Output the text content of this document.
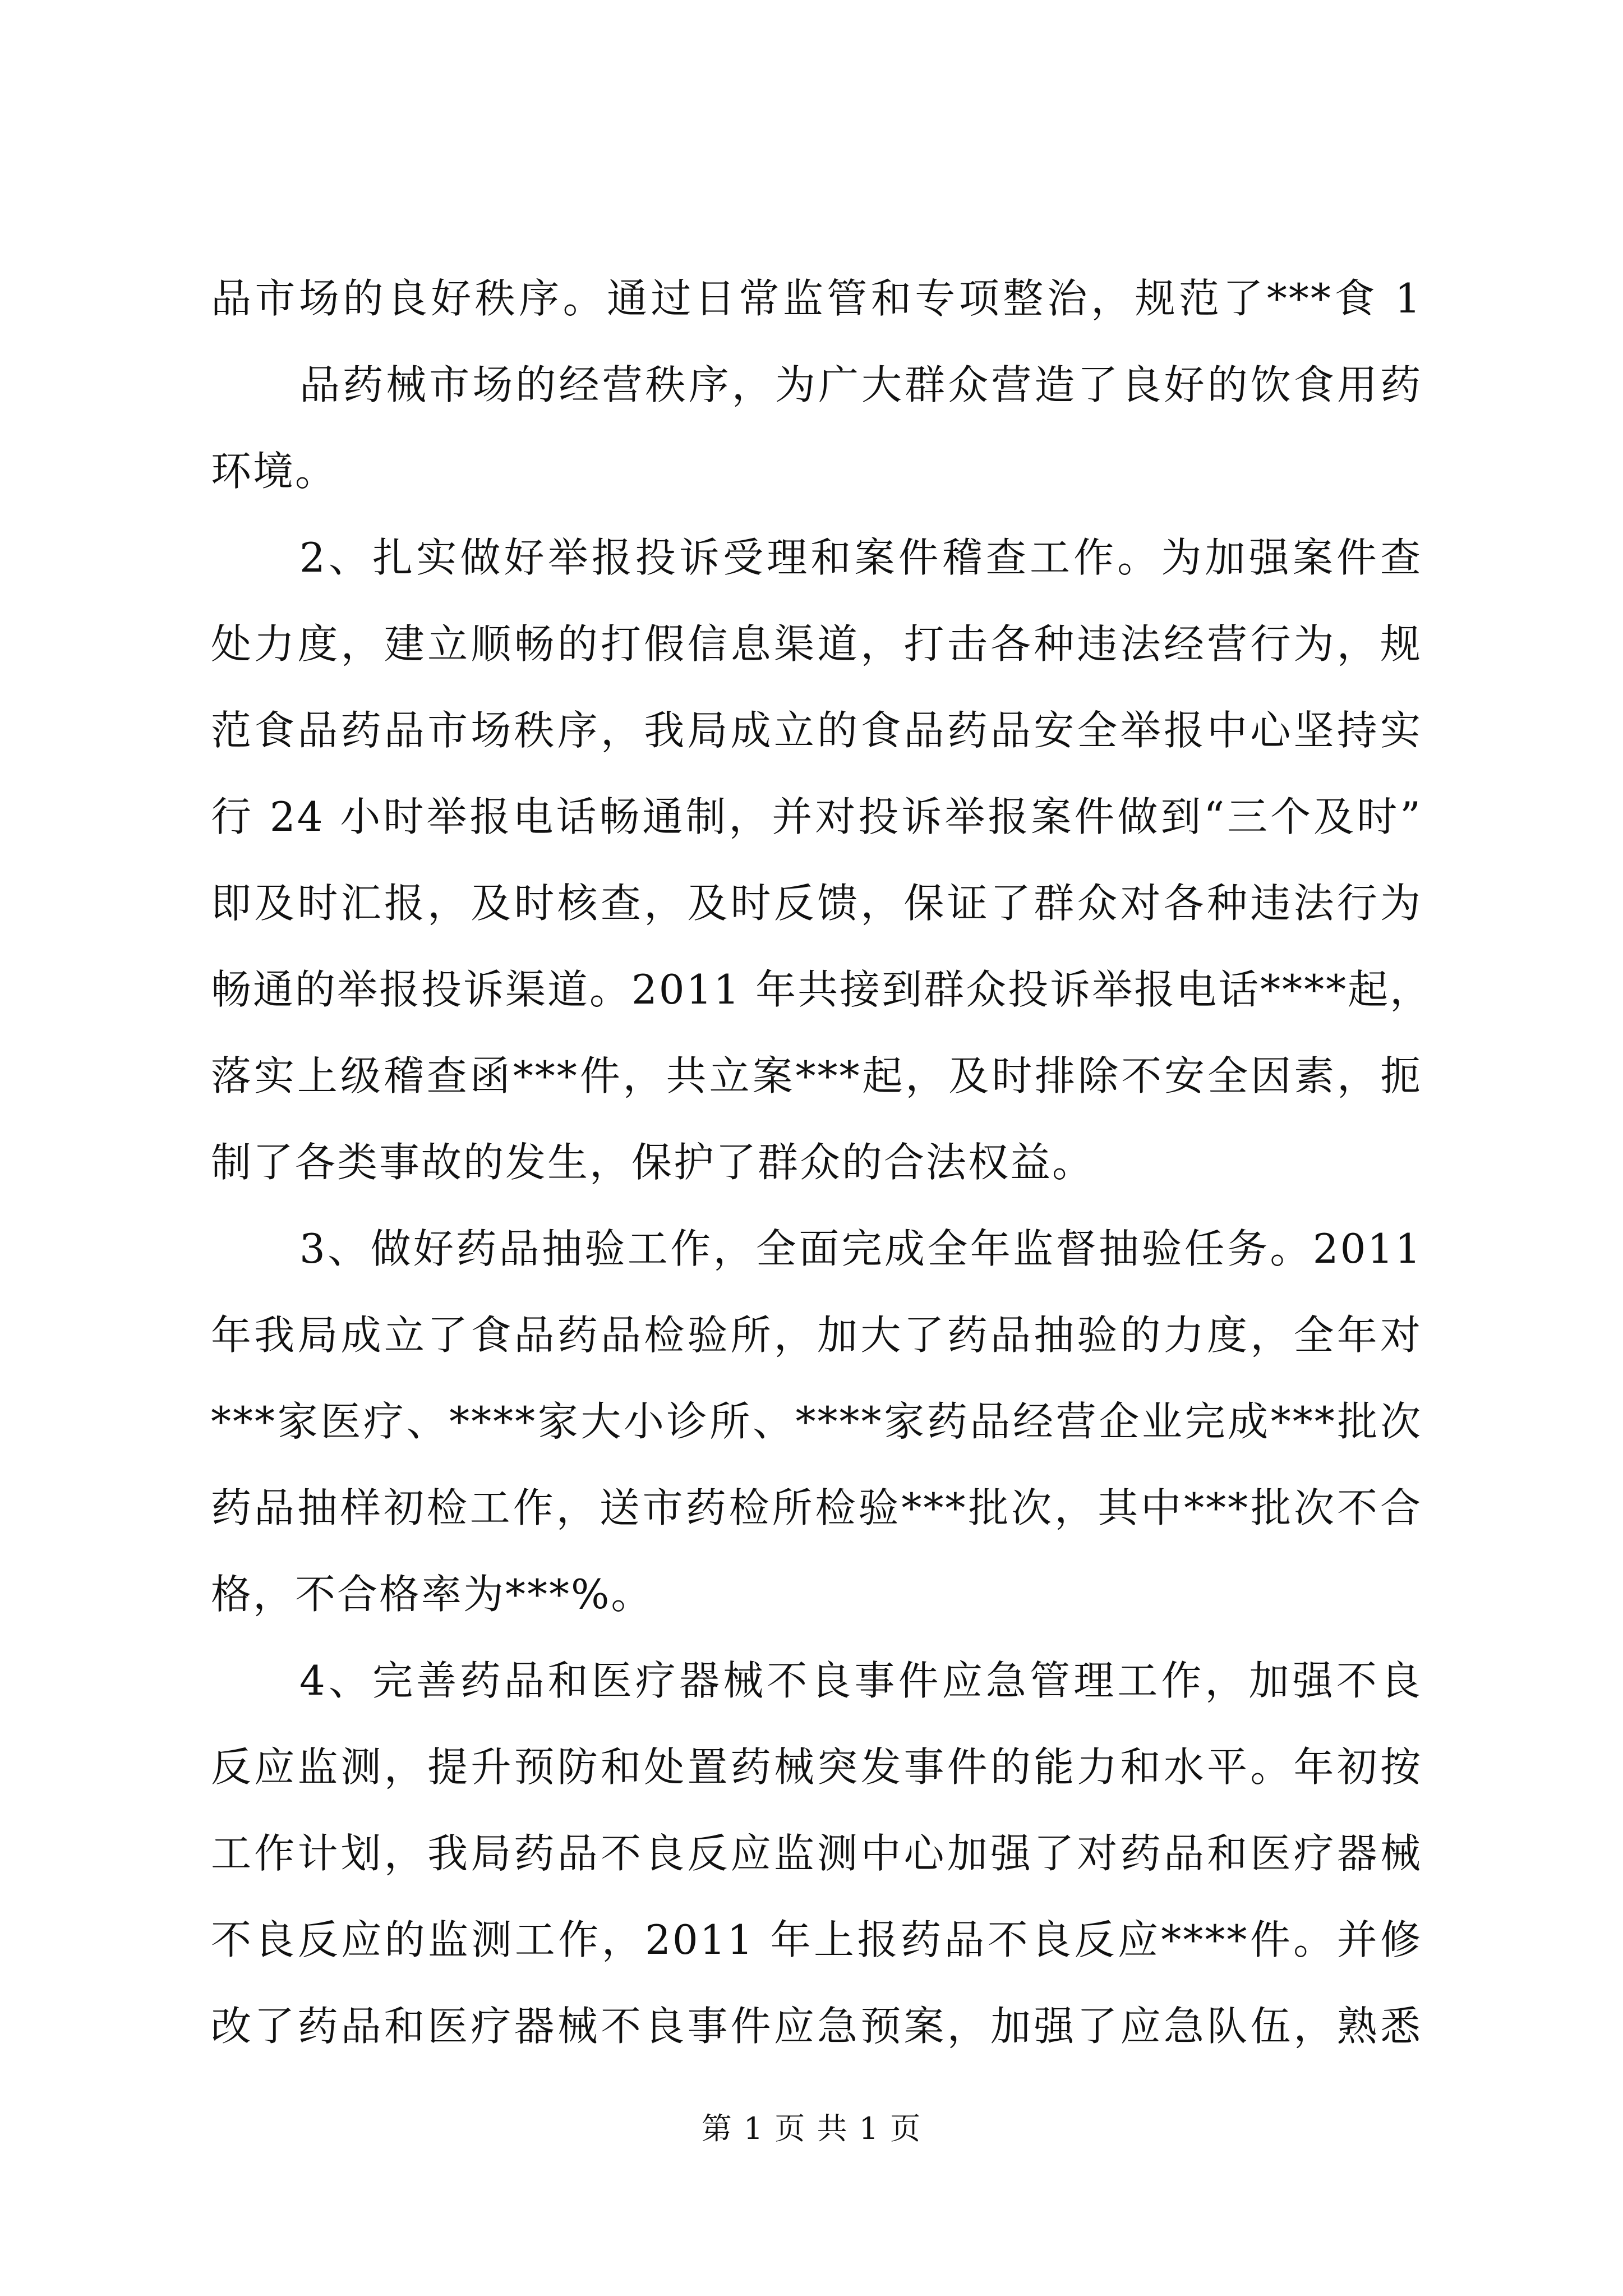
品市场的良好秩序。通过日常监管和专项整治，规范了***食 1
品药械市场的经营秩序，为广大群众营造了良好的饮食用药
环境。
2、扎实做好举报投诉受理和案件稽查工作。为加强案件查
处力度，建立顺畅的打假信息渠道，打击各种违法经营行为，规
范食品药品市场秩序，我局成立的食品药品安全举报中心坚持实
行 24 小时举报电话畅通制，并对投诉举报案件做到“三个及时”
即及时汇报，及时核查，及时反馈，保证了群众对各种违法行为
畅通的举报投诉渠道。2011 年共接到群众投诉举报电话****起，
落实上级稽查函***件，共立案***起，及时排除不安全因素，扼
制了各类事故的发生，保护了群众的合法权益。
3、做好药品抽验工作，全面完成全年监督抽验任务。2011
年我局成立了食品药品检验所，加大了药品抽验的力度，全年对
***家医疗、****家大小诊所、****家药品经营企业完成***批次
药品抽样初检工作，送市药检所检验***批次，其中***批次不合
格，不合格率为***%。
4、完善药品和医疗器械不良事件应急管理工作，加强不良
反应监测，提升预防和处置药械突发事件的能力和水平。年初按
工作计划，我局药品不良反应监测中心加强了对药品和医疗器械
不良反应的监测工作，2011 年上报药品不良反应****件。并修
改了药品和医疗器械不良事件应急预案，加强了应急队伍，熟悉
第 1 页 共 1 页
